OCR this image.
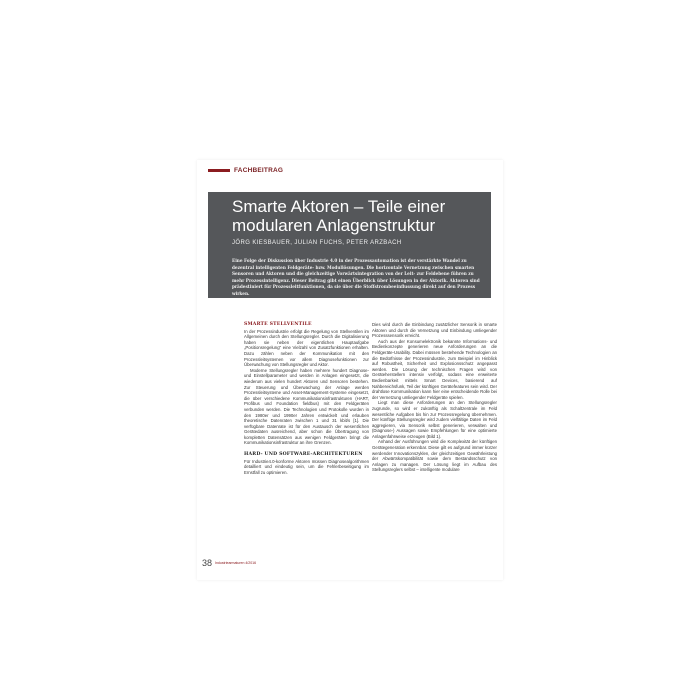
FACHBEITRAG
Smarte Aktoren – Teile einer modularen Anlagenstruktur
JÖRG KIESBAUER, JULIAN FUCHS, PETER ARZBACH

Eine Folge der Diskussion über Industrie 4.0 in der Prozessautomation ist der verstärkte Wandel zu dezentral intelligenten Feldgeräte- bzw. Modullösungen. Die horizontale Vernetzung zwischen smarten Sensoren und Aktoren und die gleichzeitige Vorwärtsintegration von der Leit- zur Feldebene führen zu mehr Prozessintelligenz. Dieser Beitrag gibt einen Überblick über Lösungen in der Aktorik. Aktoren sind prädestiniert für Prozessleitfunktionen, da sie über die Stoffstrombeeinflussung direkt auf den Prozess wirken.

SMARTE STELLVENTILE

In der Prozessindustrie erfolgt die Regelung von Stellventilen im Allgemeinen durch den Stellungsregler. Durch die Digitalisierung haben sie neben der eigentlichen Hauptaufgabe „Positionsregelung“ eine Vielzahl von Zusatzfunktionen erhalten. Dazu zählen neben der Kommunikation mit den Prozessleitsystemen vor allem Diagnosefunktionen zur Überwachung von Stellungsregler und Aktor.

Moderne Stellungsregler haben mehrere hundert Diagnose- und Einstellparameter und werden in Anlagen eingesetzt, die wiederum aus vielen hundert Aktoren und Sensoren bestehen. Zur Steuerung und Überwachung der Anlage werden Prozessleitsysteme und Asset-Management-Systeme eingesetzt, die über verschiedene Kommunikationsinfrastrukturen (HART, Profibus und Foundation fieldbus) mit den Feldgeräten verbunden werden. Die Technologien und Protokolle wurden in den 1980er und 1990er Jahren entwickelt und erlauben theoretische Datenraten zwischen 1 und 31 kbit/s [1]. Die verfügbare Datenrate ist für den Austausch der wesentlichen Gerätedaten ausreichend, aber schon die Übertragung von kompletten Datensätzen aus wenigen Feldgeräten bringt die Kommunikationsinfrastruktur an ihre Grenzen.

HARD- UND SOFTWARE-ARCHITEKTUREN

Für Industrie4.0-konforme Aktoren müssen Diagnosealgorithmen detailliert und eindeutig sein, um die Fehlerbeseitigung im Ernstfall zu optimieren.

Dies wird durch die Einbindung zusätzlicher Sensorik in smarte Aktoren und durch die Vernetzung und Einbindung umliegender Prozesssensorik erreicht.

Auch aus der Konsumelektronik bekannte Informations- und Bedienkonzepte generieren neue Anforderungen an die Feldgeräte-Usability. Dabei müssen bestehende Technologien an die Bedürfnisse der Prozessindustrie, zum Beispiel im Hinblick auf Robustheit, Sicherheit und Explosionsschutz angepasst werden. Die Lösung der technischen Fragen wird von Geräteherstellern intensiv verfolgt, sodass eine erweiterte Bedienbarkeit mittels Smart Devices, basierend auf Nahbereichsfunk, Teil der künftigen Gerätefeatures sein wird. Der drahtlose Kommunikation kann hier eine entscheidende Rolle bei der Vernetzung umliegender Feldgeräte spielen.

Liegt man diese Anforderungen an den Stellungsregler zugrunde, so wird er zukünftig als Schaltzentrale im Feld wesentliche Aufgaben bis hin zur Prozessregelung übernehmen. Der künftige Stellungsregler wird zudem vielfältige Daten im Feld aggregieren, via Sensorik selbst generieren, verwalten und (Diagnose-) Aussagen sowie Empfehlungen für eine optimierte Anlagenfahrweise erzeugen (Bild 1).

Anhand der Ausführungen wird die Komplexität der künftigen Gerätegeneration erkennbar. Diese gilt es aufgrund immer kürzer werdender Innovationszyklen, der gleichzeitigen Gewährleistung der Abwärtskompatibilität sowie dem Bestandsschutz von Anlagen zu managen. Der Lösung liegt im Aufbau des Stellungsreglers selbst – intelligente modulare

38 Industriearmaturen 4/2016
